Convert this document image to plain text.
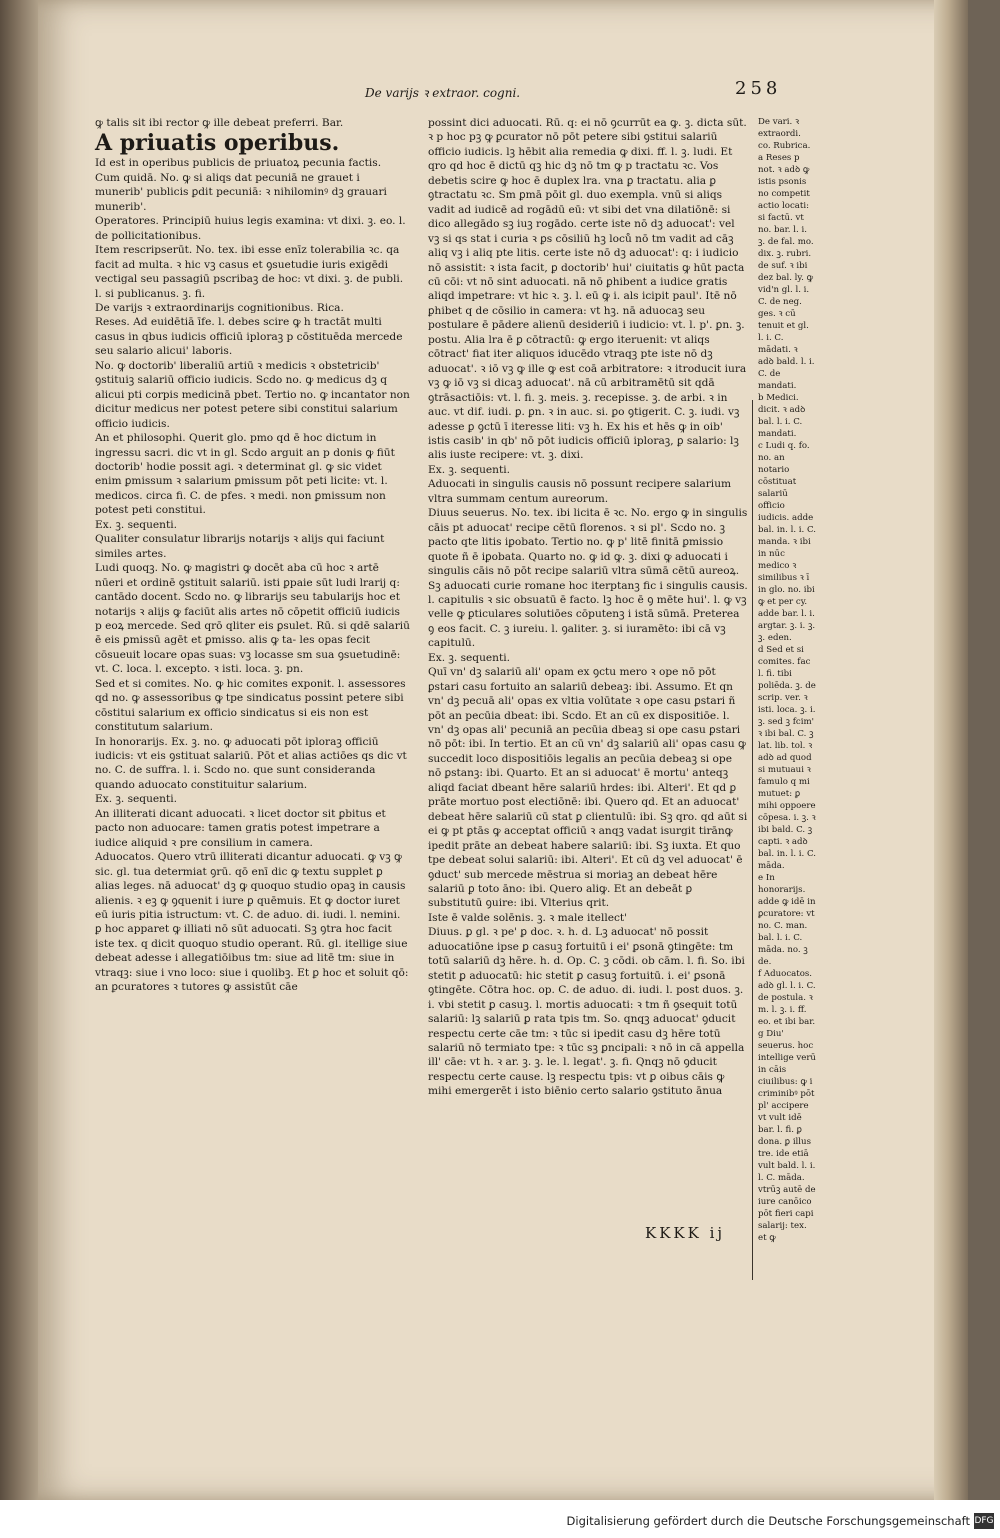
De varijs ꝛ extraor. cogni.	258

ꝙ talis sit ibi rector ꝙ ille debeat preferri. Bar.

A priuatis operibus.

Id est in operibus publicis de priuatoꝝ pecunia factis.

Cum quidā. No. ꝙ si aliqs dat pecuniā ne grauet i munerib' publicis ꝑdit pecuniā: ꝛ nihilominꝰ dꝫ grauari munerib'.

Operatores. Principiū huius legis examina: vt dixi. ꝫ. eo. l. de pollicitationibus.

Item rescripserūt. No. tex. ibi esse enīz tolerabilia ꝛc. qa facit ad multa. ꝛ hic vꝫ casus et ꝯsuetudie iuris exigēdi vectigal seu passagiū pscribaꝫ de hoc: vt dixi. ꝫ. de publi. l. si publicanus. ꝫ. fi.

De varijs ꝛ extraordinarijs cognitionibus. Rica.

Reses. Ad euidētiā īfe. l. debes scire ꝙ h tractāt multi casus in qbus iudicis officiū iploraꝫ p cōstituēda mercede seu salario alicui' laboris.

No. ꝙ doctorib' liberaliū artiū ꝛ medicis ꝛ obstetricib' ꝯstituiꝫ salariū officio iudicis. Scdo no. ꝙ medicus dꝫ q alicui pti corpis medicinā pbet. Tertio no. ꝙ incantator non dicitur medicus ner potest petere sibi constitui salarium officio iudicis.

An et philosophi. Querit glo. pmo qd ē hoc dictum in ingressu sacri. dic vt in gl. Scdo arguit an p donis ꝙ fiūt doctorib' hodie possit agi. ꝛ determinat gl. ꝙ sic videt enim ꝑmissum ꝛ salarium ꝑmissum pōt peti licite: vt. l. medicos. circa fi. C. de pfes. ꝛ medi. non ꝑmissum non potest peti constitui.

Ex. ꝫ. sequenti.

Qualiter consulatur librarijs notarijs ꝛ alijs qui faciunt similes artes.

Ludi quoqꝫ. No. ꝙ magistri ꝙ docēt aba cū hoc ꝛ artē nūeri et ordinē ꝯstituit salariū. isti ꝑpaie sūt ludi lrarij q: cantādo docent. Scdo no. ꝙ librarijs seu tabularijs hoc et notarijs ꝛ alijs ꝙ faciūt alis artes nō cōpetit officiū iudicis p eoꝝ mercede. Sed qrō qliter eis ꝑsulet. Rū. si qdē salariū ē eis ꝑmissū agēt et ꝑmisso. alis ꝙ ta- les opas fecit cōsueuit locare opas suas: vꝫ locasse sm sua ꝯsuetudinē: vt. C. loca. l. excepto. ꝛ isti. loca. ꝫ. pn.

Sed et si comites. No. ꝙ hic comites exponit. l. assessores qd no. ꝙ assessoribus ꝙ tpe sindicatus possint petere sibi cōstitui salarium ex officio sindicatus si eis non est constitutum salarium.

In honorarijs. Ex. ꝫ. no. ꝙ aduocati pōt iploraꝫ officiū iudicis: vt eis ꝯstituat salariū. Pōt et alias actiōes qs dic vt no. C. de suffra. l. i. Scdo no. que sunt consideranda quando aduocato constituitur salarium.

Ex. ꝫ. sequenti.

An illiterati dicant aduocati. ꝛ licet doctor sit ꝑbitus et pacto non aduocare: tamen gratis potest impetrare a iudice aliquid ꝛ pre consilium in camera.

Aduocatos. Quero vtrū illiterati dicantur aduocati. ꝙ vꝫ ꝙ sic. gl. tua determiat ꝯrū. qō enī dic ꝙ textu supplet ꝑ alias leges. nā aduocat' dꝫ ꝙ quoquo studio opaꝫ in causis alienis. ꝛ eꝫ ꝙ ꝯquenit i iure ꝑ quēmuis. Et ꝙ doctor iuret eū iuris pitia istructum: vt. C. de aduo. di. iudi. l. nemini. ꝑ hoc apparet ꝙ illiati nō sūt aduocati. Sꝫ ꝯtra hoc facit iste tex. q dicit quoquo studio operant. Rū. gl. itellige siue debeat adesse i allegatiōibus tm: siue ad litē tm: siue in vtraqꝫ: siue i vno loco: siue i quolibꝫ. Et ꝑ hoc et soluit qō: an ꝑcuratores ꝛ tutores ꝙ assistūt cāe

possint dici aduocati. Rū. q: ei nō ꝯcurrūt ea ꝙ. ꝫ. dicta sūt. ꝛ p hoc pꝫ ꝙ ꝑcurator nō pōt petere sibi ꝯstitui salariū officio iudicis. lꝫ hēbit alia remedia ꝙ dixi. ff. l. ꝫ. ludi. Et qro qd hoc ē dictū qꝫ hic dꝫ nō tm ꝙ p tractatu ꝛc. Vos debetis scire ꝙ hoc ē duplex lra. vna ꝑ tractatu. alia ꝑ ꝯtractatu ꝛc. Sm ꝑmā pōit gl. duo exempla. vnū si aliqs vadit ad iudicē ad rogādū eū: vt sibi det vna dilatiōnē: si dico allegādo sꝫ iuꝫ rogādo. certe iste nō dꝫ aduocat': vel vꝫ si qs stat i curia ꝛ ꝑs cōsiliū hꝫ loců nō tm vadit ad cāꝫ aliq vꝫ i aliq pte litis. certe iste nō dꝫ aduocat': q: i iudicio nō assistit: ꝛ ista facit, ꝑ doctorib' hui' ciuitatis ꝙ hūt pacta cū cōi: vt nō sint aduocati. nā nō ꝑhibent a iudice gratis aliqd impetrare: vt hic ꝛ. ꝫ. l. eū ꝙ i. als icipit paul'. Itē nō ꝑhibet q de cōsilio in camera: vt hꝫ. nā aduocaꝫ seu postulare ē pādere alienū desideriū i iudicio: vt. l. p'. ꝑn. ꝫ. postu. Alia lra ē ꝑ cōtractū: ꝙ ergo iteruenit: vt aliqs cōtract' fiat iter aliquos iducēdo vtraqꝫ pte iste nō dꝫ aduocat'. ꝛ iō vꝫ ꝙ ille ꝙ est coā arbitratore: ꝛ itroducit iura vꝫ ꝙ iō vꝫ si dicaꝫ aduocat'. nā cū arbitramētū sit qdā ꝯtrāsactiōis: vt. l. fi. ꝫ. meis. ꝫ. recepisse. ꝫ. de arbi. ꝛ in auc. vt dif. iudi. ꝑ. ꝑn. ꝛ in auc. si. ꝑo ꝯtigerit. C. ꝫ. iudi. vꝫ adesse ꝑ ꝯctū ī iteresse liti: vꝫ h. Ex his et hēs ꝙ in oib' istis casib' in qb' nō pōt iudicis officiū iploraꝫ, ꝑ salario: lꝫ alis iuste recipere: vt. ꝫ. dixi.

Ex. ꝫ. sequenti.

Aduocati in singulis causis nō possunt recipere salarium vltra summam centum aureorum.

Diuus seuerus. No. tex. ibi licita ē ꝛc. No. ergo ꝙ in singulis cāis pt aduocat' recipe cētū florenos. ꝛ si pl'. Scdo no. ꝫ pacto qte litis iꝑobato. Tertio no. ꝙ p' litē finitā ꝑmissio quote ñ ē iꝑobata. Quarto no. ꝙ id ꝙ. ꝫ. dixi ꝙ aduocati i singulis cāis nō pōt recipe salariū vltra sūmā cētū aureoꝝ. Sꝫ aduocati curie romane hoc iterptanꝫ fic i singulis causis. l. capitulis ꝛ sic obsuatū ē facto. lꝫ hoc ē ꝯ mēte hui'. l. ꝙ vꝫ velle ꝙ ꝑticulares solutiōes cōputenꝫ i istā sūmā. Preterea ꝯ eos facit. C. ꝫ iureiu. l. ꝯaliter. ꝫ. si iuramēto: ibi cā vꝫ capitulū.

Ex. ꝫ. sequenti.

Quī vn' dꝫ salariū ali' opam ex ꝯctu mero ꝛ ope nō pōt ꝑstari casu fortuito an salariū debeaꝫ: ibi. Assumo. Et qn vn' dꝫ pecuā ali' opas ex vltia volūtate ꝛ ope casu ꝑstari ñ pōt an pecūia dbeat: ibi. Scdo. Et an cū ex dispositiōe. l. vn' dꝫ opas ali' pecuniā an pecūia dbeaꝫ si ope casu ꝑstari nō pōt: ibi. In tertio. Et an cū vn' dꝫ salariū ali' opas casu ꝙ succedit loco dispositiōis legalis an pecūia debeaꝫ si ope nō ꝑstanꝫ: ibi. Quarto. Et an si aduocat' ē mortu' anteqꝫ aliqd faciat dbeant hēre salariū hrdes: ibi. Alteri'. Et qd ꝑ prāte mortuo post electiōnē: ibi. Quero qd. Et an aduocat' debeat hēre salariū cū stat ꝑ clientulū: ibi. Sꝫ qro. qd aūt si ei ꝙ pt ꝑtās ꝙ acceptat officiū ꝛ anqꝫ vadat isurgit tirānꝙ ipedit prāte an debeat habere salariū: ibi. Sꝫ iuxta. Et quo tpe debeat solui salariū: ibi. Alteri'. Et cū dꝫ vel aduocat' ē ꝯduct' sub mercede mēstrua si moriaꝫ an debeat hēre salariū ꝑ toto āno: ibi. Quero aliꝙ. Et an debeāt ꝑ substitutū ꝯuire: ibi. Vlterius qrit.

Iste ē valde solēnis. ꝫ. ꝛ male itellect'

Diuus. ꝑ gl. ꝛ pe' ꝑ doc. ꝛ. h. d. Lꝫ aduocat' nō possit aduocatiōne ipse ꝑ casuꝫ fortuitū i ei' ꝑsonā ꝯtingēte: tm totū salariū dꝫ hēre. h. d. Op. C. ꝫ cōdi. ob cām. l. fi. So. ibi stetit ꝑ aduocatū: hic stetit ꝑ casuꝫ fortuitū. i. ei' ꝑsonā ꝯtingēte. Cōtra hoc. op. C. de aduo. di. iudi. l. post duos. ꝫ. i. vbi stetit ꝑ casuꝫ. l. mortis aduocati: ꝛ tm ñ ꝯsequit totū salariū: lꝫ salariū ꝑ rata tpis tm. So. qnqꝫ aduocat' ꝯducit respectu certe cāe tm: ꝛ tūc si ipedit casu dꝫ hēre totū salariū nō termiato tpe: ꝛ tūc sꝫ ꝑncipali: ꝛ nō in cā appella ill' cāe: vt h. ꝛ ar. ꝫ. ꝫ. le. l. legat'. ꝫ. fi. Qnqꝫ nō ꝯducit respectu certe cause. lꝫ respectu tpis: vt ꝑ oibus cāis ꝙ mihi emergerēt i isto biēnio certo salario ꝯstituto ānua

De vari. ꝛ extraordi. co. Rubrica.

a Reses p not. ꝛ adꝺ ꝙ istis psonis no competit actio locati: si factū. vt no. bar. l. i. ꝫ. de fal. mo. dix. ꝫ. rubri. de suf. ꝛ ibi dez bal. ly. ꝙ vid'n gl. l. i. C. de neg. ges. ꝛ cū tenuit et gl. l. i. C. mādati. ꝛ adꝺ bald. l. i. C. de mandati.

b Medici. dicit. ꝛ adꝺ bal. l. i. C. mandati.

c Ludi q. fo. no. an notario cōstituat salariū officio iudicis. adde bal. in. l. i. C. manda. ꝛ ibi in nūc medico ꝛ similibus ꝛ ī in glo. no. ibi ꝙ et per cy. adde bar. l. i. argtar. ꝫ. i. ꝫ. ꝫ. eden.

d Sed et si comites. fac l. fi. tibi poliēda. ꝫ. de scrip. ver. ꝛ isti. loca. ꝫ. i. ꝫ. sed ꝫ fcim' ꝛ ibi bal. C. ꝫ lat. lib. tol. ꝛ adꝺ ad quod si mutuaui ꝛ famulo q mi mutuet: ꝑ mihi oppoere cōpesa. i. ꝫ. ꝛ ibi bald. C. ꝫ capti. ꝛ adꝺ bal. in. l. i. C. māda.

e In honorarijs. adde ꝙ idē in ꝑcuratore: vt no. C. man. bal. l. i. C. māda. no. ꝫ de.

f Aduocatos. adꝺ gl. l. i. C. de postula. ꝛ m. l. ꝫ. i. ff. eo. et ibi bar.

g Diu' seuerus. hoc intellige verū in cāis ciuilibus: ꝙ i criminibꝰ pōt pl' accipere vt vult idē bar. l. fi. ꝑ dona. ꝑ illus tre. ide etiā vult bald. l. i. l. C. māda. vtrūꝫ autē de iure canōico pōt fieri capi salarij: tex. et ꝙ

KKKK ij
Digitalisierung gefördert durch die Deutsche Forschungsgemeinschaft DFG
